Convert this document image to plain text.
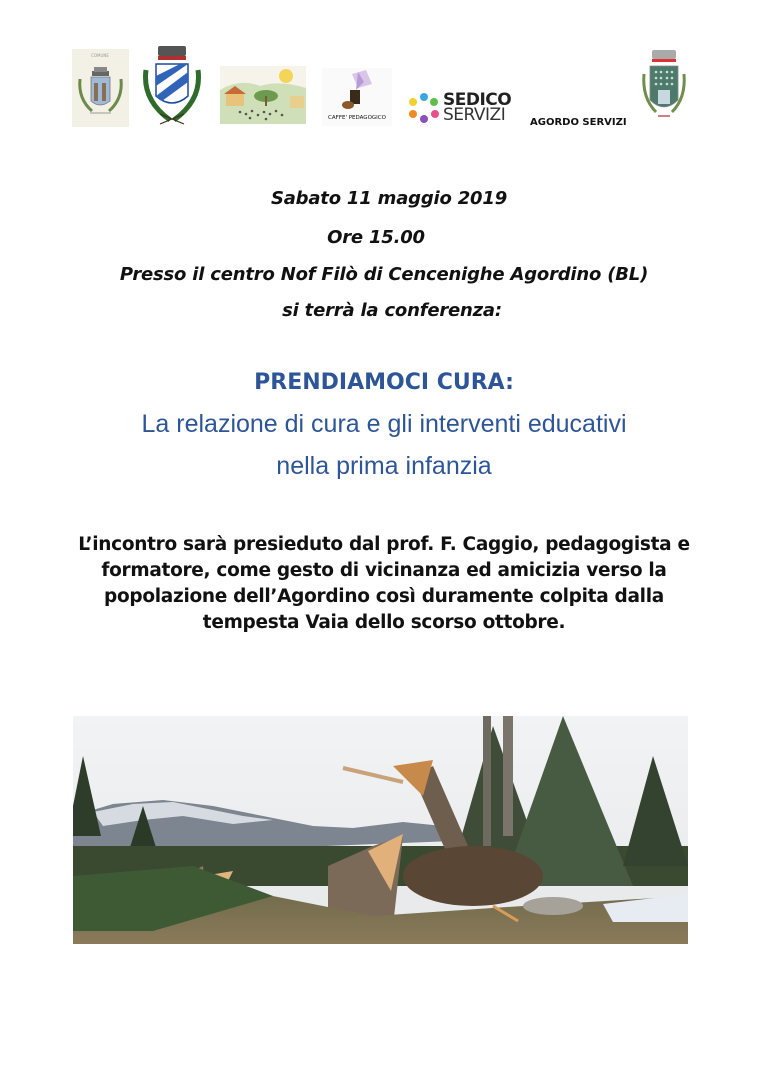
COMUNE
CAFFE' PEDAGOGICO
SEDICO
SERVIZI AGORDO SERVIZI
Sabato 11 maggio 2019
Ore 15.00
Presso il centro Nof Filò di Cencenighe Agordino (BL)
si terrà la conferenza:
PRENDIAMOCI CURA:
La relazione di cura e gli interventi educativi
nella prima infanzia
L’incontro sarà presieduto dal prof. F. Caggio, pedagogista e
formatore, come gesto di vicinanza ed amicizia verso la
popolazione dell’Agordino così duramente colpita dalla
tempesta Vaia dello scorso ottobre.
